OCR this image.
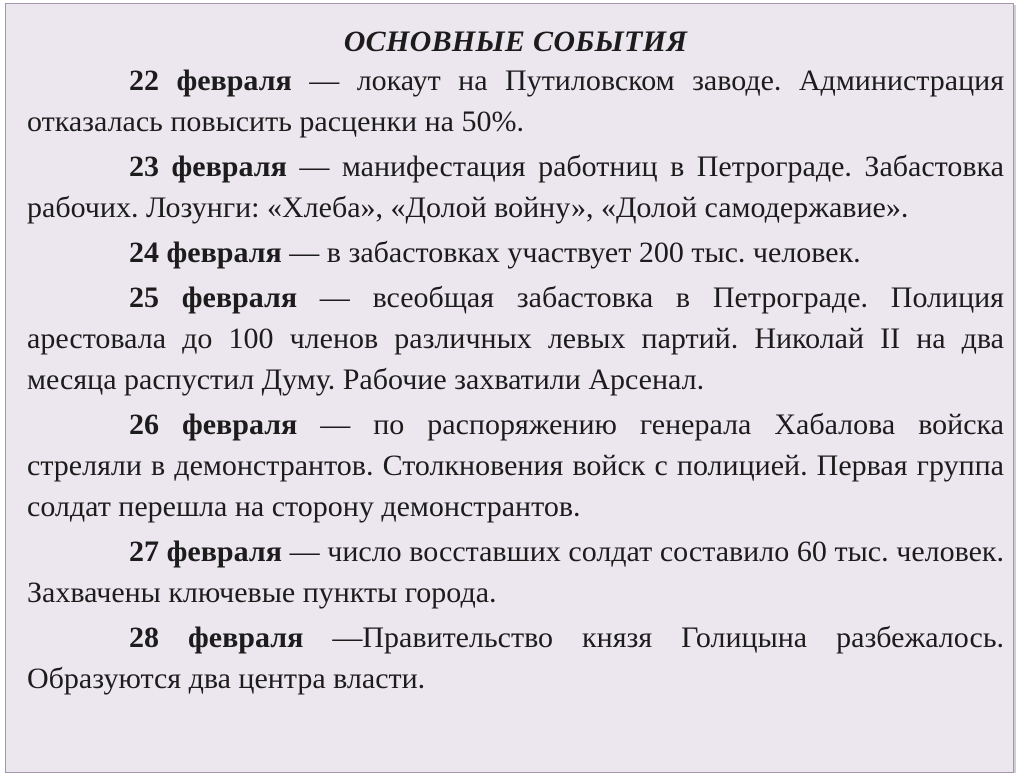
ОСНОВНЫЕ СОБЫТИЯ

22 февраля — локаут на Путиловском заводе. Администрация отказалась повысить расценки на 50%.

23 февраля — манифестация работниц в Петрограде. Забастовка рабочих. Лозунги: «Хлеба», «Долой войну», «Долой самодержавие».

24 февраля — в забастовках участвует 200 тыс. человек.

25 февраля — всеобщая забастовка в Петрограде. Полиция арестовала до 100 членов различных левых партий. Николай II на два месяца распустил Думу. Рабочие захватили Арсенал.

26 февраля — по распоряжению генерала Хабалова войска стреляли в демонстрантов. Столкновения войск с полицией. Первая группа солдат перешла на сторону демонстрантов.

27 февраля — число восставших солдат составило 60 тыс. человек. Захвачены ключевые пункты города.

28 февраля —Правительство князя Голицына разбежалось. Образуются два центра власти.
